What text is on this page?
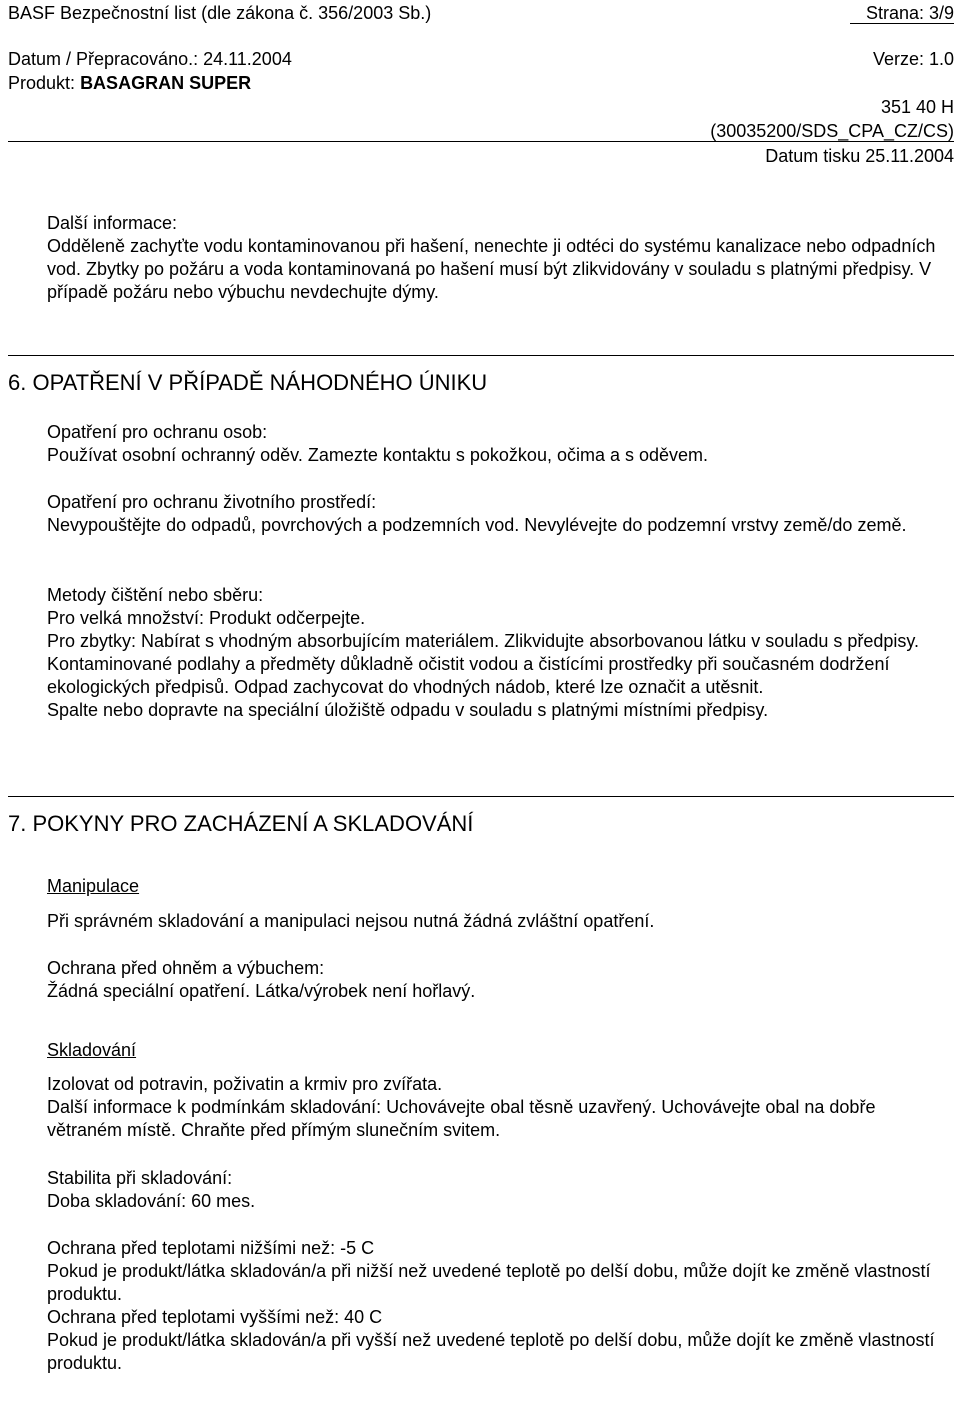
BASF Bezpečnostní list (dle zákona č. 356/2003 Sb.)	Strana: 3/9
Datum / Přepracováno.: 24.11.2004	Verze: 1.0
Produkt: BASAGRAN SUPER
351 40 H
(30035200/SDS_CPA_CZ/CS)
Datum tisku 25.11.2004

Další informace:

Odděleně zachyťte vodu kontaminovanou při hašení, nenechte ji odtéci do systému kanalizace nebo odpadních vod. Zbytky po požáru a voda kontaminovaná po hašení musí být zlikvidovány v souladu s platnými předpisy. V případě požáru nebo výbuchu nevdechujte dýmy.

6. OPATŘENÍ V PŘÍPADĚ NÁHODNÉHO ÚNIKU

Opatření pro ochranu osob:

Používat osobní ochranný oděv. Zamezte kontaktu s pokožkou, očima a s oděvem.

Opatření pro ochranu životního prostředí:

Nevypouštějte do odpadů, povrchových a podzemních vod. Nevylévejte do podzemní vrstvy země/do země.

Metody čištění nebo sběru:

Pro velká množství: Produkt odčerpejte.

Pro zbytky: Nabírat s vhodným absorbujícím materiálem. Zlikvidujte absorbovanou látku v souladu s předpisy.

Kontaminované podlahy a předměty důkladně očistit vodou a čistícími prostředky při současném dodržení ekologických předpisů. Odpad zachycovat do vhodných nádob, které lze označit a utěsnit.

Spalte nebo dopravte na speciální úložiště odpadu v souladu s platnými místními předpisy.

7. POKYNY PRO ZACHÁZENÍ A SKLADOVÁNÍ

Manipulace

Při správném skladování a manipulaci nejsou nutná žádná zvláštní opatření.

Ochrana před ohněm a výbuchem:

Žádná speciální opatření. Látka/výrobek není hořlavý.

Skladování

Izolovat od potravin, poživatin a krmiv pro zvířata.

Další informace k podmínkám skladování: Uchovávejte obal těsně uzavřený. Uchovávejte obal na dobře větraném místě. Chraňte před přímým slunečním svitem.

Stabilita při skladování:

Doba skladování: 60 mes.

Ochrana před teplotami nižšími než: -5 C

Pokud je produkt/látka skladován/a při nižší než uvedené teplotě po delší dobu, může dojít ke změně vlastností produktu.

Ochrana před teplotami vyššími než: 40 C

Pokud je produkt/látka skladován/a při vyšší než uvedené teplotě po delší dobu, může dojít ke změně vlastností produktu.
